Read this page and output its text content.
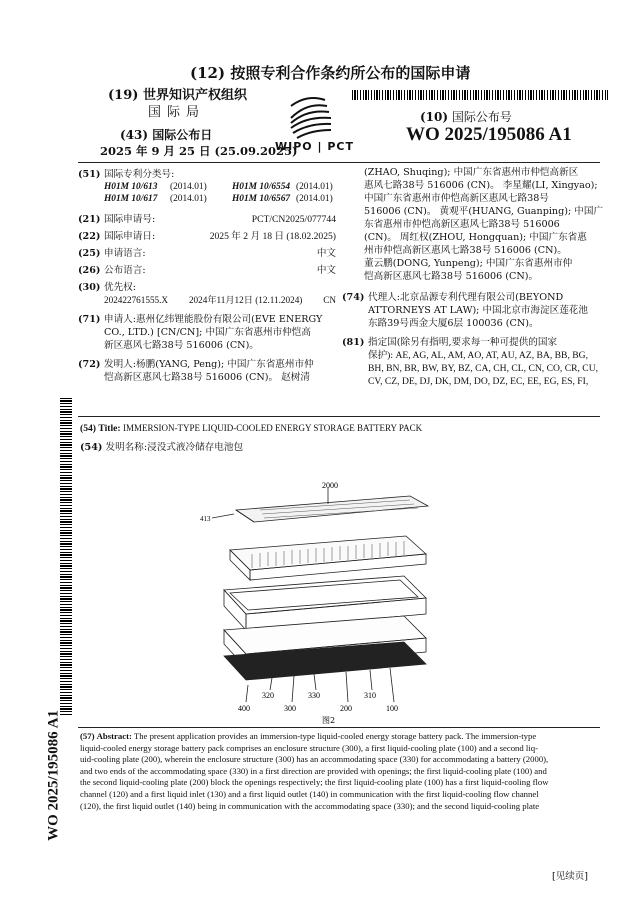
(12) 按照专利合作条约所公布的国际申请
(19) 世界知识产权组织
国际局
(43) 国际公布日
2025 年 9 月 25 日 (25.09.2025)
WIPO | PCT
(10) 国际公布号
WO 2025/195086 A1
(51) 国际专利分类号:
H01M 10/613 (2014.01)	H01M 10/6554 (2014.01)
H01M 10/617 (2014.01)	H01M 10/6567 (2014.01)
(21) 国际申请号:	PCT/CN2025/077744
(22) 国际申请日:	2025 年 2 月 18 日 (18.02.2025)
(25) 申请语言:	中文
(26) 公布语言:	中文
(30) 优先权:
202422761555.X 2024年11月12日 (12.11.2024) CN
(71) 申请人:惠州亿纬锂能股份有限公司(EVE ENERGY
CO., LTD.) [CN/CN]; 中国广东省惠州市仲恺高
新区惠风七路38号 516006 (CN)。
(72) 发明人:杨鹏(YANG, Peng); 中国广东省惠州市仲
恺高新区惠风七路38号 516006 (CN)。 赵树清
(ZHAO, Shuqing); 中国广东省惠州市仲恺高新区
惠风七路38号 516006 (CN)。 李星耀(LI, Xingyao);
中国广东省惠州市仲恺高新区惠风七路38号
516006 (CN)。 黄观平(HUANG, Guanping); 中国广
东省惠州市仲恺高新区惠风七路38号 516006
(CN)。 周红权(ZHOU, Hongquan); 中国广东省惠
州市仲恺高新区惠风七路38号 516006 (CN)。
董云鹏(DONG, Yunpeng); 中国广东省惠州市仲
恺高新区惠风七路38号 516006 (CN)。
(74) 代理人:北京品源专利代理有限公司(BEYOND
ATTORNEYS AT LAW); 中国北京市海淀区莲花池
东路39号西金大厦6层 100036 (CN)。
(81) 指定国(除另有指明,要求每一种可提供的国家
保护): AE, AG, AL, AM, AO, AT, AU, AZ, BA, BB, BG,
BH, BN, BR, BW, BY, BZ, CA, CH, CL, CN, CO, CR, CU,
CV, CZ, DE, DJ, DK, DM, DO, DZ, EC, EE, EG, ES, FI,
WO 2025/195086 A1
(54) Title: IMMERSION-TYPE LIQUID-COOLED ENERGY STORAGE BATTERY PACK
(54) 发明名称:浸没式液冷储存电池包
2000
413
400
320
300
330
200
310
100
图2
(57) Abstract: The present application provides an immersion-type liquid-cooled energy storage battery pack. The immersion-type
liquid-cooled energy storage battery pack comprises an enclosure structure (300), a first liquid-cooling plate (100) and a second liq-
uid-cooling plate (200), wherein the enclosure structure (300) has an accommodating space (330) for accommodating a battery (2000),
and two ends of the accommodating space (330) in a first direction are provided with openings; the first liquid-cooling plate (100) and
the second liquid-cooling plate (200) block the openings respectively; the first liquid-cooling plate (100) has a first liquid-cooling flow
channel (120) and a first liquid inlet (130) and a first liquid outlet (140) in communication with the first liquid-cooling flow channel
(120), the first liquid outlet (140) being in communication with the accommodating space (330); and the second liquid-cooling plate
[见续页]
